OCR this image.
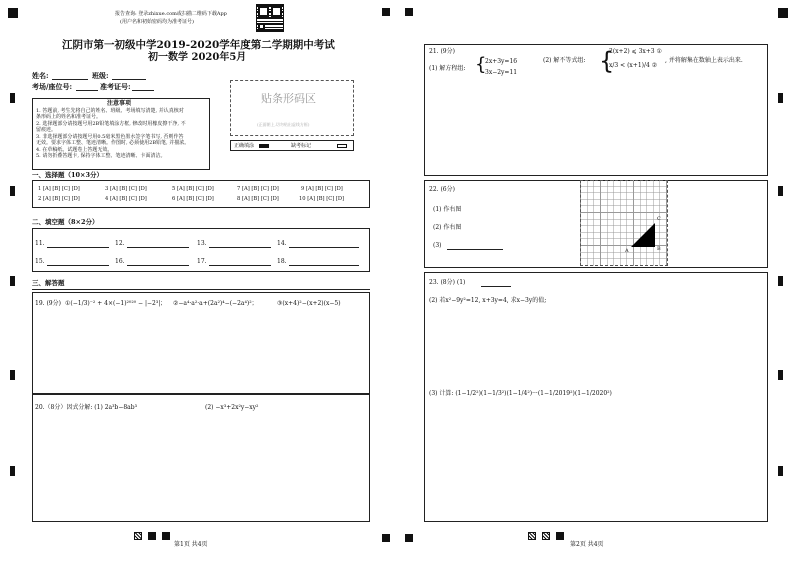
报告查询: 登录zhixue.com或扫描二维码下载App
(用户名和初始密码均为准考证号)
江阴市第一初级中学2019-2020学年度第二学期期中考试
初一数学 2020年5月
姓名:	班级:
考场/座位号:	准考证号:
注意事项
1. 答题前, 考生先将自己的姓名、班级、考场填写清楚, 并认真核对
条形码上的姓名和准考证号。
2. 选择题部分请按题号用2B铅笔填涂方框, 修改时用橡皮擦干净, 不
留痕迹。
3. 非选择题部分请按题号用0.5毫米黑色墨水签字笔书写, 否则作答
无效。要求字体工整、笔迹清晰。作图时, 必须使用2B铅笔, 并描浓。
4. 在草稿纸、试题卷上答题无效。
5. 请勿折叠答题卡, 保持字体工整、笔迹清晰、卡面清洁。
贴条形码区
(正面朝上,切勿贴出虚线方框)
正确填涂	缺考标记
一、选择题（10×3分）
1 [A] [B] [C] [D]	3 [A] [B] [C] [D]	5 [A] [B] [C] [D]	7 [A] [B] [C] [D]	9 [A] [B] [C] [D]
2 [A] [B] [C] [D]	4 [A] [B] [C] [D]	6 [A] [B] [C] [D]	8 [A] [B] [C] [D]	10 [A] [B] [C] [D]
二、填空题（8×2分）
11.	12.	13.	14.
15.	16.	17.	18.
三、解答题
19. (9分) ①(−1/3)⁻² + 4×(−1)²⁰²⁰ − |−2³|； ②−a⁴·a²·a+(2a²)⁴−(−2a⁴)²；	③(x+4)²−(x+2)(x−5)
20.（8分）因式分解: (1) 2a³b−8ab³	(2) −x³+2x²y−xy²
第1页 共4页
21. (9分)
(1) 解方程组: {
2x+3y=16
3x−2y=11
(2) 解不等式组: {
2(x+2) ⩽ 3x+3 ①
x/3 < (x+1)/4 ②
, 并将解集在数轴上表示出来.
22. (6分)
(1) 作右图
(2) 作右图
(3)
A	B
C
23. (8分) (1)
(2) 若x²−9y²=12, x+3y=4, 求x−3y的值;
(3) 计算: (1−1/2²)(1−1/3²)(1−1/4²)···(1−1/2019²)(1−1/2020²)
第2页 共4页
